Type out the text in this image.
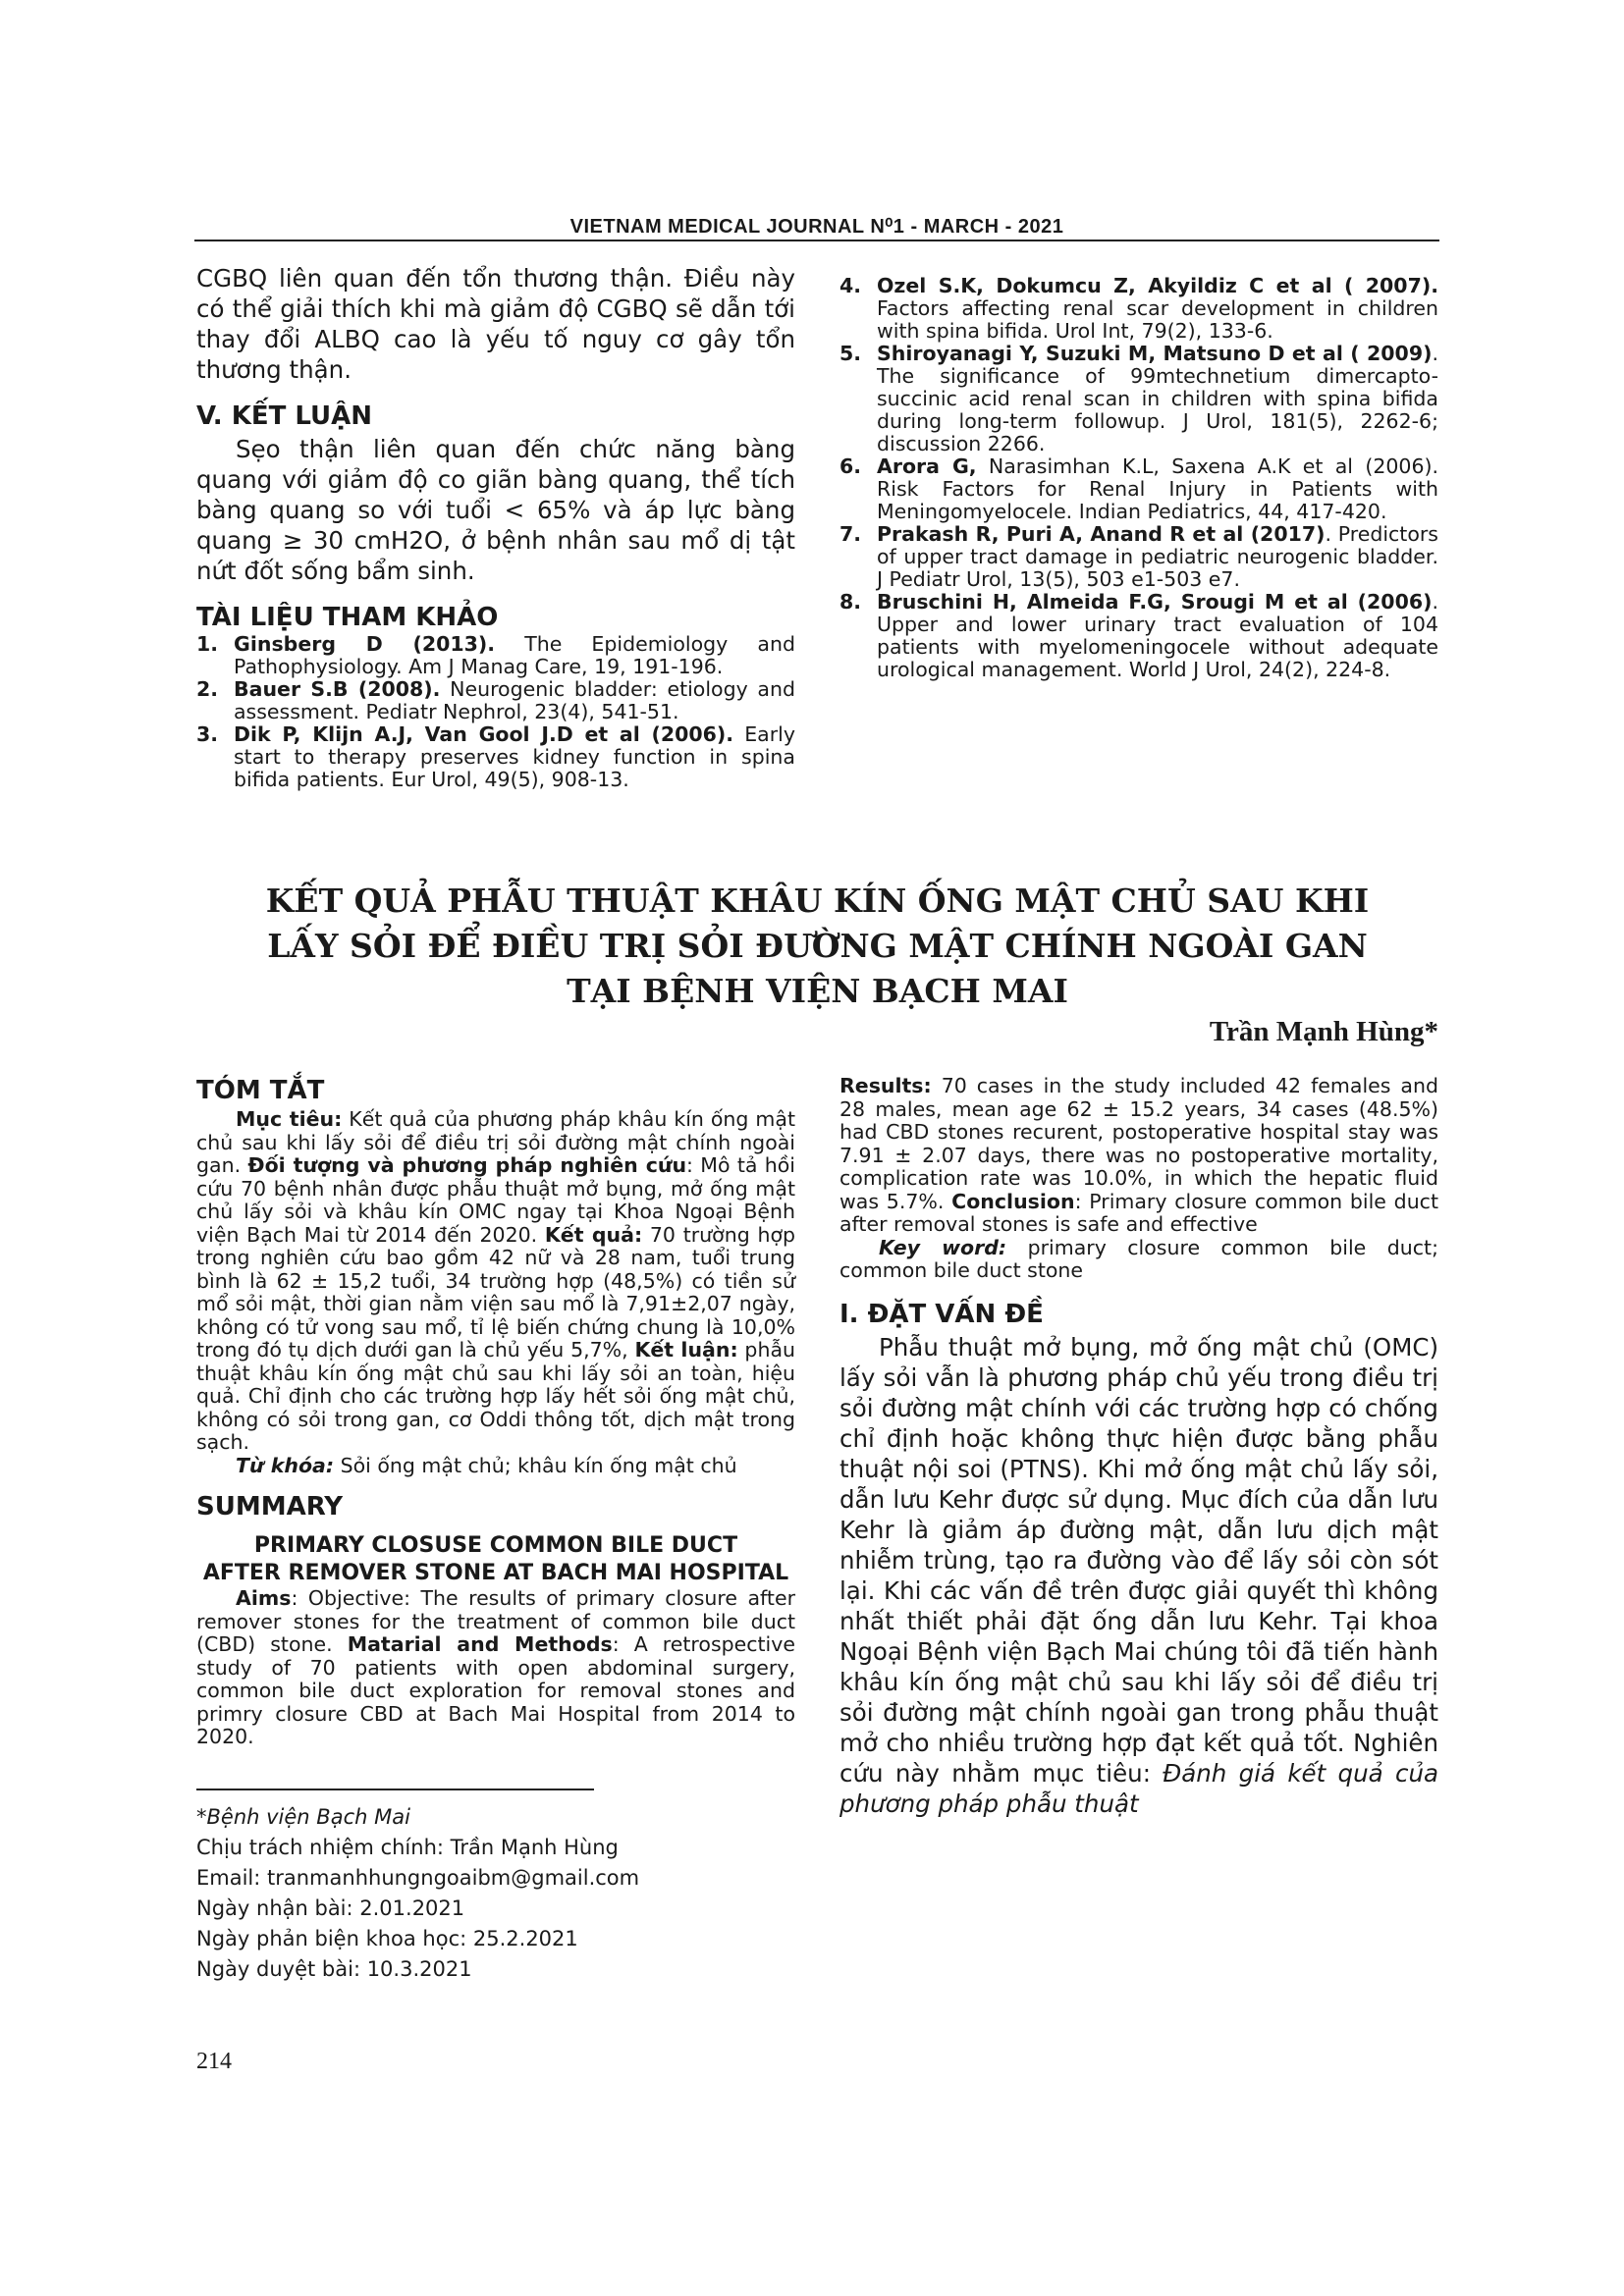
VIETNAM MEDICAL JOURNAL N⁰1 - MARCH - 2021

CGBQ liên quan đến tổn thương thận. Điều này có thể giải thích khi mà giảm độ CGBQ sẽ dẫn tới thay đổi ALBQ cao là yếu tố nguy cơ gây tổn thương thận.

V. KẾT LUẬN

Sẹo thận liên quan đến chức năng bàng quang với giảm độ co giãn bàng quang, thể tích bàng quang so với tuổi < 65% và áp lực bàng quang ≥ 30 cmH2O, ở bệnh nhân sau mổ dị tật nứt đốt sống bẩm sinh.

TÀI LIỆU THAM KHẢO
1. Ginsberg D (2013). The Epidemiology and Pathophysiology. Am J Manag Care, 19, 191-196.
2. Bauer S.B (2008). Neurogenic bladder: etiology and assessment. Pediatr Nephrol, 23(4), 541-51.
3. Dik P, Klijn A.J, Van Gool J.D et al (2006). Early start to therapy preserves kidney function in spina bifida patients. Eur Urol, 49(5), 908-13.
4. Ozel S.K, Dokumcu Z, Akyildiz C et al ( 2007). Factors affecting renal scar development in children with spina bifida. Urol Int, 79(2), 133-6.
5. Shiroyanagi Y, Suzuki M, Matsuno D et al ( 2009). The significance of 99mtechnetium dimercapto-succinic acid renal scan in children with spina bifida during long-term followup. J Urol, 181(5), 2262-6; discussion 2266.
6. Arora G, Narasimhan K.L, Saxena A.K et al (2006). Risk Factors for Renal Injury in Patients with Meningomyelocele. Indian Pediatrics, 44, 417-420.
7. Prakash R, Puri A, Anand R et al (2017). Predictors of upper tract damage in pediatric neurogenic bladder. J Pediatr Urol, 13(5), 503 e1-503 e7.
8. Bruschini H, Almeida F.G, Srougi M et al (2006). Upper and lower urinary tract evaluation of 104 patients with myelomeningocele without adequate urological management. World J Urol, 24(2), 224-8.
KẾT QUẢ PHẪU THUẬT KHÂU KÍN ỐNG MẬT CHỦ SAU KHI
LẤY SỎI ĐỂ ĐIỀU TRỊ SỎI ĐƯỜNG MẬT CHÍNH NGOÀI GAN
TẠI BỆNH VIỆN BẠCH MAI
Trần Mạnh Hùng*
TÓM TẮT

Mục tiêu: Kết quả của phương pháp khâu kín ống mật chủ sau khi lấy sỏi để điều trị sỏi đường mật chính ngoài gan. Đối tượng và phương pháp nghiên cứu: Mô tả hồi cứu 70 bệnh nhân được phẫu thuật mở bụng, mở ống mật chủ lấy sỏi và khâu kín OMC ngay tại Khoa Ngoại Bệnh viện Bạch Mai từ 2014 đến 2020. Kết quả: 70 trường hợp trong nghiên cứu bao gồm 42 nữ và 28 nam, tuổi trung bình là 62 ± 15,2 tuổi, 34 trường hợp (48,5%) có tiền sử mổ sỏi mật, thời gian nằm viện sau mổ là 7,91±2,07 ngày, không có tử vong sau mổ, tỉ lệ biến chứng chung là 10,0% trong đó tụ dịch dưới gan là chủ yếu 5,7%, Kết luận: phẫu thuật khâu kín ống mật chủ sau khi lấy sỏi an toàn, hiệu quả. Chỉ định cho các trường hợp lấy hết sỏi ống mật chủ, không có sỏi trong gan, cơ Oddi thông tốt, dịch mật trong sạch.

Từ khóa: Sỏi ống mật chủ; khâu kín ống mật chủ

SUMMARY
PRIMARY CLOSUSE COMMON BILE DUCT
AFTER REMOVER STONE AT BACH MAI HOSPITAL

Aims: Objective: The results of primary closure after remover stones for the treatment of common bile duct (CBD) stone. Matarial and Methods: A retrospective study of 70 patients with open abdominal surgery, common bile duct exploration for removal stones and primry closure CBD at Bach Mai Hospital from 2014 to 2020.

*Bệnh viện Bạch Mai
Chịu trách nhiệm chính: Trần Mạnh Hùng
Email: tranmanhhungngoaibm@gmail.com
Ngày nhận bài: 2.01.2021
Ngày phản biện khoa học: 25.2.2021
Ngày duyệt bài: 10.3.2021

Results: 70 cases in the study included 42 females and 28 males, mean age 62 ± 15.2 years, 34 cases (48.5%) had CBD stones recurent, postoperative hospital stay was 7.91 ± 2.07 days, there was no postoperative mortality, complication rate was 10.0%, in which the hepatic fluid was 5.7%. Conclusion: Primary closure common bile duct after removal stones is safe and effective

Key word: primary closure common bile duct; common bile duct stone

I. ĐẶT VẤN ĐỀ

Phẫu thuật mở bụng, mở ống mật chủ (OMC) lấy sỏi vẫn là phương pháp chủ yếu trong điều trị sỏi đường mật chính với các trường hợp có chống chỉ định hoặc không thực hiện được bằng phẫu thuật nội soi (PTNS). Khi mở ống mật chủ lấy sỏi, dẫn lưu Kehr được sử dụng. Mục đích của dẫn lưu Kehr là giảm áp đường mật, dẫn lưu dịch mật nhiễm trùng, tạo ra đường vào để lấy sỏi còn sót lại. Khi các vấn đề trên được giải quyết thì không nhất thiết phải đặt ống dẫn lưu Kehr. Tại khoa Ngoại Bệnh viện Bạch Mai chúng tôi đã tiến hành khâu kín ống mật chủ sau khi lấy sỏi để điều trị sỏi đường mật chính ngoài gan trong phẫu thuật mở cho nhiều trường hợp đạt kết quả tốt. Nghiên cứu này nhằm mục tiêu: Đánh giá kết quả của phương pháp phẫu thuật

214
